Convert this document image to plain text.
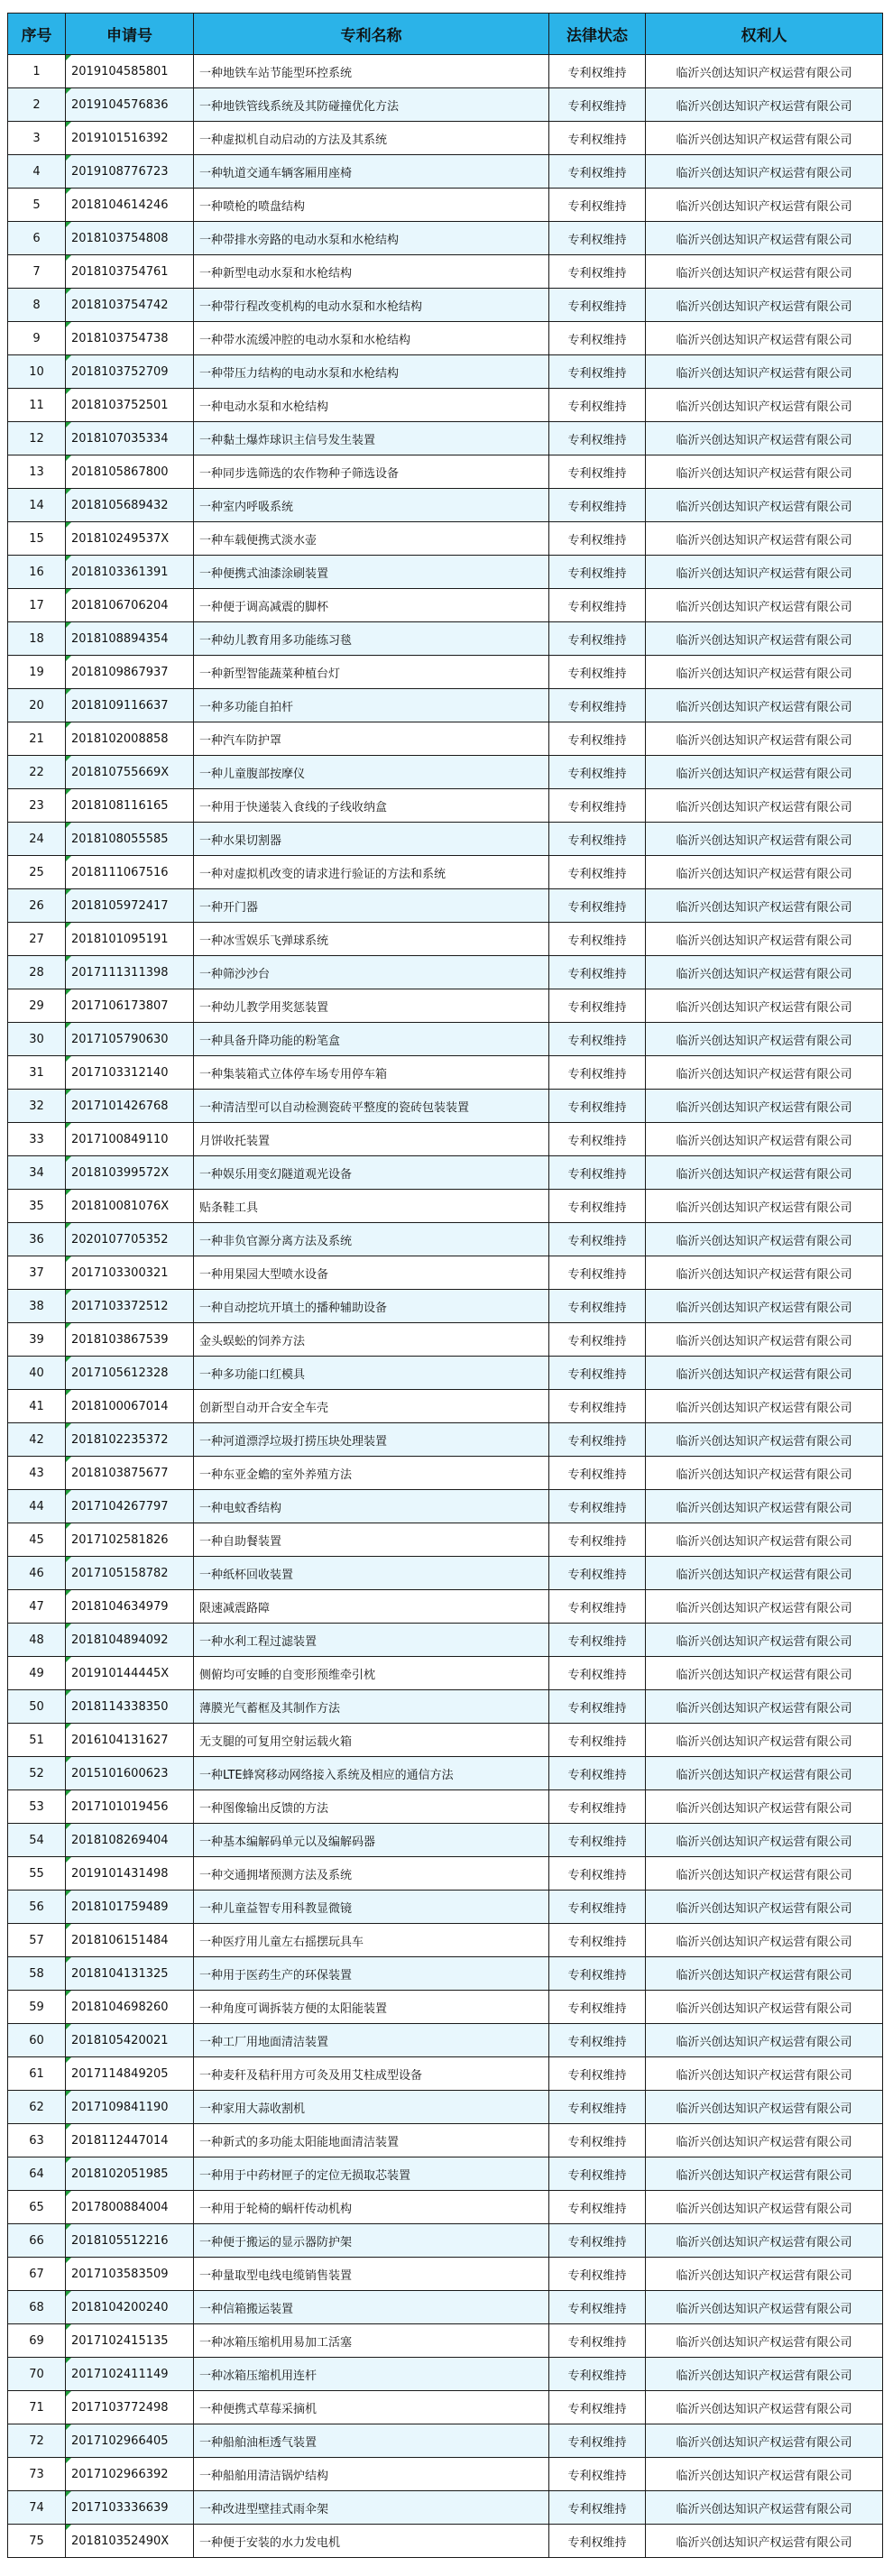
序号	申请号	专利名称	法律状态	权利人
1	2019104585801	一种地铁车站节能型环控系统	专利权维持	临沂兴创达知识产权运营有限公司
2	2019104576836	一种地铁管线系统及其防碰撞优化方法	专利权维持	临沂兴创达知识产权运营有限公司
3	2019101516392	一种虚拟机自动启动的方法及其系统	专利权维持	临沂兴创达知识产权运营有限公司
4	2019108776723	一种轨道交通车辆客厢用座椅	专利权维持	临沂兴创达知识产权运营有限公司
5	2018104614246	一种喷枪的喷盘结构	专利权维持	临沂兴创达知识产权运营有限公司
6	2018103754808	一种带排水旁路的电动水泵和水枪结构	专利权维持	临沂兴创达知识产权运营有限公司
7	2018103754761	一种新型电动水泵和水枪结构	专利权维持	临沂兴创达知识产权运营有限公司
8	2018103754742	一种带行程改变机构的电动水泵和水枪结构	专利权维持	临沂兴创达知识产权运营有限公司
9	2018103754738	一种带水流缓冲腔的电动水泵和水枪结构	专利权维持	临沂兴创达知识产权运营有限公司
10	2018103752709	一种带压力结构的电动水泵和水枪结构	专利权维持	临沂兴创达知识产权运营有限公司
11	2018103752501	一种电动水泵和水枪结构	专利权维持	临沂兴创达知识产权运营有限公司
12	2018107035334	一种黏土爆炸球识主信号发生装置	专利权维持	临沂兴创达知识产权运营有限公司
13	2018105867800	一种同步选筛选的农作物种子筛选设备	专利权维持	临沂兴创达知识产权运营有限公司
14	2018105689432	一种室内呼吸系统	专利权维持	临沂兴创达知识产权运营有限公司
15	201810249537X	一种车载便携式淡水壶	专利权维持	临沂兴创达知识产权运营有限公司
16	2018103361391	一种便携式油漆涂刷装置	专利权维持	临沂兴创达知识产权运营有限公司
17	2018106706204	一种便于调高减震的脚杯	专利权维持	临沂兴创达知识产权运营有限公司
18	2018108894354	一种幼儿教育用多功能练习毯	专利权维持	临沂兴创达知识产权运营有限公司
19	2018109867937	一种新型智能蔬菜种植台灯	专利权维持	临沂兴创达知识产权运营有限公司
20	2018109116637	一种多功能自拍杆	专利权维持	临沂兴创达知识产权运营有限公司
21	2018102008858	一种汽车防护罩	专利权维持	临沂兴创达知识产权运营有限公司
22	201810755669X	一种儿童腹部按摩仪	专利权维持	临沂兴创达知识产权运营有限公司
23	2018108116165	一种用于快递装入食线的子线收纳盒	专利权维持	临沂兴创达知识产权运营有限公司
24	2018108055585	一种水果切割器	专利权维持	临沂兴创达知识产权运营有限公司
25	2018111067516	一种对虚拟机改变的请求进行验证的方法和系统	专利权维持	临沂兴创达知识产权运营有限公司
26	2018105972417	一种开门器	专利权维持	临沂兴创达知识产权运营有限公司
27	2018101095191	一种冰雪娱乐飞弹球系统	专利权维持	临沂兴创达知识产权运营有限公司
28	2017111311398	一种筛沙沙台	专利权维持	临沂兴创达知识产权运营有限公司
29	2017106173807	一种幼儿教学用奖惩装置	专利权维持	临沂兴创达知识产权运营有限公司
30	2017105790630	一种具备升降功能的粉笔盒	专利权维持	临沂兴创达知识产权运营有限公司
31	2017103312140	一种集装箱式立体停车场专用停车箱	专利权维持	临沂兴创达知识产权运营有限公司
32	2017101426768	一种清洁型可以自动检测瓷砖平整度的瓷砖包装装置	专利权维持	临沂兴创达知识产权运营有限公司
33	2017100849110	月饼收托装置	专利权维持	临沂兴创达知识产权运营有限公司
34	201810399572X	一种娱乐用变幻隧道观光设备	专利权维持	临沂兴创达知识产权运营有限公司
35	201810081076X	贴条鞋工具	专利权维持	临沂兴创达知识产权运营有限公司
36	2020107705352	一种非负官源分离方法及系统	专利权维持	临沂兴创达知识产权运营有限公司
37	2017103300321	一种用果园大型喷水设备	专利权维持	临沂兴创达知识产权运营有限公司
38	2017103372512	一种自动挖坑开填土的播种辅助设备	专利权维持	临沂兴创达知识产权运营有限公司
39	2018103867539	金头蜈蚣的饲养方法	专利权维持	临沂兴创达知识产权运营有限公司
40	2017105612328	一种多功能口红模具	专利权维持	临沂兴创达知识产权运营有限公司
41	2018100067014	创新型自动开合安全车壳	专利权维持	临沂兴创达知识产权运营有限公司
42	2018102235372	一种河道漂浮垃圾打捞压块处理装置	专利权维持	临沂兴创达知识产权运营有限公司
43	2018103875677	一种东亚金蟾的室外养殖方法	专利权维持	临沂兴创达知识产权运营有限公司
44	2017104267797	一种电蚊香结构	专利权维持	临沂兴创达知识产权运营有限公司
45	2017102581826	一种自助餐装置	专利权维持	临沂兴创达知识产权运营有限公司
46	2017105158782	一种纸杯回收装置	专利权维持	临沂兴创达知识产权运营有限公司
47	2018104634979	限速减震路障	专利权维持	临沂兴创达知识产权运营有限公司
48	2018104894092	一种水利工程过滤装置	专利权维持	临沂兴创达知识产权运营有限公司
49	201910144445X	侧俯均可安睡的自变形预维牵引枕	专利权维持	临沂兴创达知识产权运营有限公司
50	2018114338350	薄膜光气蓄框及其制作方法	专利权维持	临沂兴创达知识产权运营有限公司
51	2016104131627	无支腿的可复用空射运载火箱	专利权维持	临沂兴创达知识产权运营有限公司
52	2015101600623	一种LTE蜂窝移动网络接入系统及相应的通信方法	专利权维持	临沂兴创达知识产权运营有限公司
53	2017101019456	一种图像输出反馈的方法	专利权维持	临沂兴创达知识产权运营有限公司
54	2018108269404	一种基本编解码单元以及编解码器	专利权维持	临沂兴创达知识产权运营有限公司
55	2019101431498	一种交通拥堵预测方法及系统	专利权维持	临沂兴创达知识产权运营有限公司
56	2018101759489	一种儿童益智专用科教显微镜	专利权维持	临沂兴创达知识产权运营有限公司
57	2018106151484	一种医疗用儿童左右摇摆玩具车	专利权维持	临沂兴创达知识产权运营有限公司
58	2018104131325	一种用于医药生产的环保装置	专利权维持	临沂兴创达知识产权运营有限公司
59	2018104698260	一种角度可调拆装方便的太阳能装置	专利权维持	临沂兴创达知识产权运营有限公司
60	2018105420021	一种工厂用地面清洁装置	专利权维持	临沂兴创达知识产权运营有限公司
61	2017114849205	一种麦秆及秸秆用方可灸及用艾柱成型设备	专利权维持	临沂兴创达知识产权运营有限公司
62	2017109841190	一种家用大蒜收割机	专利权维持	临沂兴创达知识产权运营有限公司
63	2018112447014	一种新式的多功能太阳能地面清洁装置	专利权维持	临沂兴创达知识产权运营有限公司
64	2018102051985	一种用于中药材匣子的定位无损取芯装置	专利权维持	临沂兴创达知识产权运营有限公司
65	2017800884004	一种用于轮椅的蜗杆传动机构	专利权维持	临沂兴创达知识产权运营有限公司
66	2018105512216	一种便于搬运的显示器防护架	专利权维持	临沂兴创达知识产权运营有限公司
67	2017103583509	一种量取型电线电缆销售装置	专利权维持	临沂兴创达知识产权运营有限公司
68	2018104200240	一种信箱搬运装置	专利权维持	临沂兴创达知识产权运营有限公司
69	2017102415135	一种冰箱压缩机用易加工活塞	专利权维持	临沂兴创达知识产权运营有限公司
70	2017102411149	一种冰箱压缩机用连杆	专利权维持	临沂兴创达知识产权运营有限公司
71	2017103772498	一种便携式草莓采摘机	专利权维持	临沂兴创达知识产权运营有限公司
72	2017102966405	一种船舶油柜透气装置	专利权维持	临沂兴创达知识产权运营有限公司
73	2017102966392	一种船舶用清洁锅炉结构	专利权维持	临沂兴创达知识产权运营有限公司
74	2017103336639	一种改进型壁挂式雨伞架	专利权维持	临沂兴创达知识产权运营有限公司
75	201810352490X	一种便于安装的水力发电机	专利权维持	临沂兴创达知识产权运营有限公司
